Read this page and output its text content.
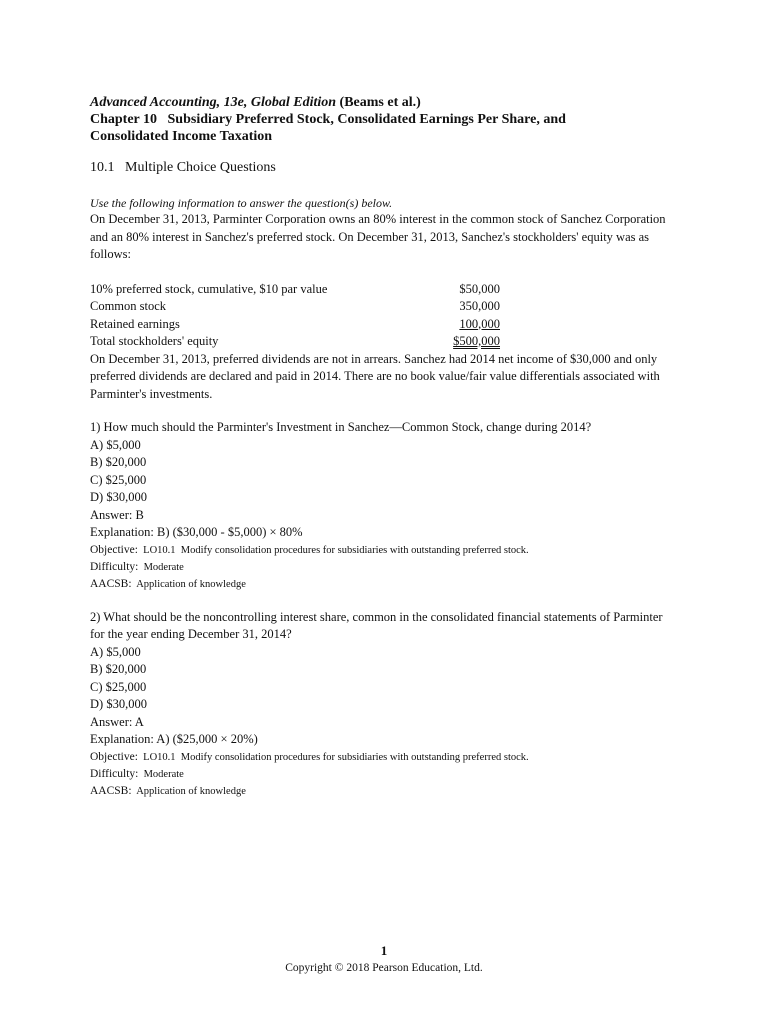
Advanced Accounting, 13e, Global Edition (Beams et al.)

Chapter 10   Subsidiary Preferred Stock, Consolidated Earnings Per Share, and

Consolidated Income Taxation

10.1   Multiple Choice Questions

Use the following information to answer the question(s) below.

On December 31, 2013, Parminter Corporation owns an 80% interest in the common stock of Sanchez Corporation and an 80% interest in Sanchez's preferred stock. On December 31, 2013, Sanchez's stockholders' equity was as follows:

10% preferred stock, cumulative, $10 par value	$50,000
Common stock	350,000
Retained earnings	100,000
Total stockholders' equity	$500,000

On December 31, 2013, preferred dividends are not in arrears. Sanchez had 2014 net income of $30,000 and only preferred dividends are declared and paid in 2014. There are no book value/fair value differentials associated with Parminter's investments.

1) How much should the Parminter's Investment in Sanchez—Common Stock, change during 2014?

A) $5,000

B) $20,000

C) $25,000

D) $30,000

Answer: B

Explanation: B) ($30,000 - $5,000) × 80%

Objective:  LO10.1  Modify consolidation procedures for subsidiaries with outstanding preferred stock.

Difficulty:  Moderate

AACSB:  Application of knowledge

2) What should be the noncontrolling interest share, common in the consolidated financial statements of Parminter for the year ending December 31, 2014?

A) $5,000

B) $20,000

C) $25,000

D) $30,000

Answer: A

Explanation: A) ($25,000 × 20%)

Objective:  LO10.1  Modify consolidation procedures for subsidiaries with outstanding preferred stock.

Difficulty:  Moderate

AACSB:  Application of knowledge

1
Copyright © 2018 Pearson Education, Ltd.
